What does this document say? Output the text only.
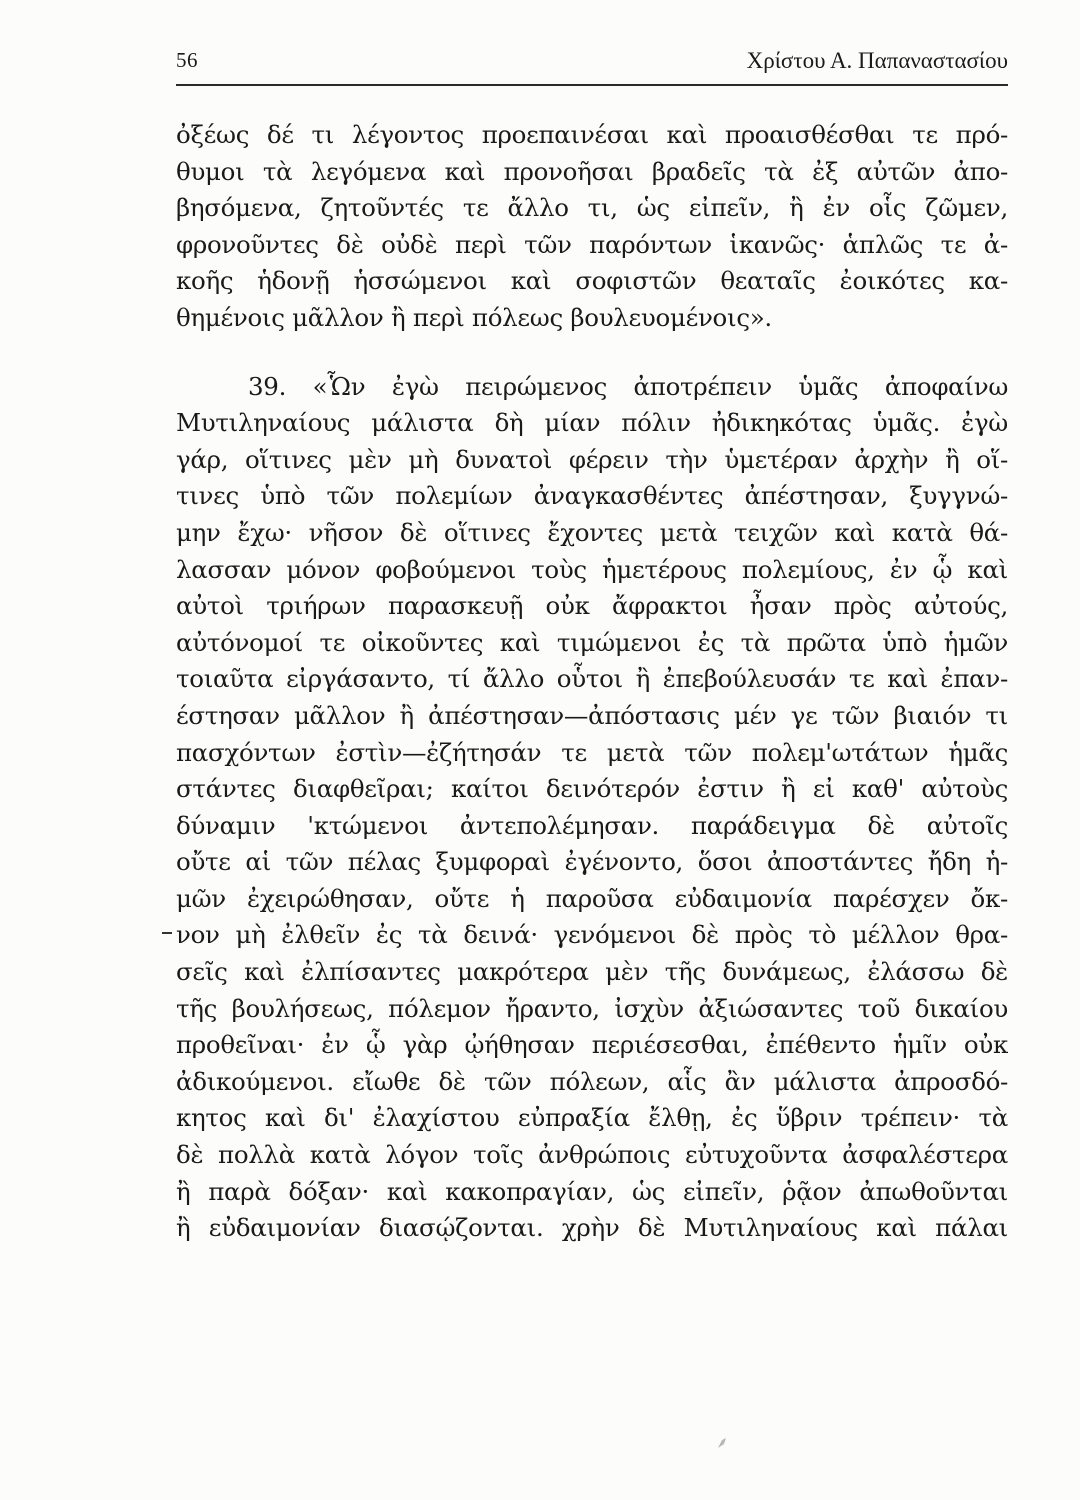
56	Χρίστου Α. Παπαναστασίου
ὀξέως δέ τι λέγοντος προεπαινέσαι καὶ προαισθέσθαι τε πρό-
θυμοι τὰ λεγόμενα καὶ προνοῆσαι βραδεῖς τὰ ἐξ αὐτῶν ἀπο-
βησόμενα, ζητοῦντές τε ἄλλο τι, ὡς εἰπεῖν, ἢ ἐν οἷς ζῶμεν,
φρονοῦντες δὲ οὐδὲ περὶ τῶν παρόντων ἱκανῶς· ἁπλῶς τε ἀ-
κοῆς ἡδονῇ ἡσσώμενοι καὶ σοφιστῶν θεαταῖς ἐοικότες κα-
θημένοις μᾶλλον ἢ περὶ πόλεως βουλευομένοις».
39. «Ὧν ἐγὼ πειρώμενος ἀποτρέπειν ὑμᾶς ἀποφαίνω
Μυτιληναίους μάλιστα δὴ μίαν πόλιν ἠδικηκότας ὑμᾶς. ἐγὼ
γάρ, οἵτινες μὲν μὴ δυνατοὶ φέρειν τὴν ὑμετέραν ἀρχὴν ἢ οἵ-
τινες ὑπὸ τῶν πολεμίων ἀναγκασθέντες ἀπέστησαν, ξυγγνώ-
μην ἔχω· νῆσον δὲ οἵτινες ἔχοντες μετὰ τειχῶν καὶ κατὰ θά-
λασσαν μόνον φοβούμενοι τοὺς ἡμετέρους πολεμίους, ἐν ᾧ καὶ
αὐτοὶ τριήρων παρασκευῇ οὐκ ἄφρακτοι ἦσαν πρὸς αὐτούς,
αὐτόνομοί τε οἰκοῦντες καὶ τιμώμενοι ἐς τὰ πρῶτα ὑπὸ ἡμῶν
τοιαῦτα εἰργάσαντο, τί ἄλλο οὗτοι ἢ ἐπεβούλευσάν τε καὶ ἐπαν-
έστησαν μᾶλλον ἢ ἀπέστησαν—ἀπόστασις μέν γε τῶν βιαιόν τι
πασχόντων ἐστὶν—ἐζήτησάν τε μετὰ τῶν πολεμ'ωτάτων ἡμᾶς
στάντες διαφθεῖραι; καίτοι δεινότερόν ἐστιν ἢ εἰ καθ' αὐτοὺς
δύναμιν 'κτώμενοι ἀντεπολέμησαν. παράδειγμα δὲ αὐτοῖς
οὔτε αἱ τῶν πέλας ξυμφοραὶ ἐγένοντο, ὅσοι ἀποστάντες ἤδη ἡ-
μῶν ἐχειρώθησαν, οὔτε ἡ παροῦσα εὐδαιμονία παρέσχεν ὄκ-
νον μὴ ἐλθεῖν ἐς τὰ δεινά· γενόμενοι δὲ πρὸς τὸ μέλλον θρα-
σεῖς καὶ ἐλπίσαντες μακρότερα μὲν τῆς δυνάμεως, ἐλάσσω δὲ
τῆς βουλήσεως, πόλεμον ἤραντο, ἰσχὺν ἀξιώσαντες τοῦ δικαίου
προθεῖναι· ἐν ᾧ γὰρ ᾠήθησαν περιέσεσθαι, ἐπέθεντο ἡμῖν οὐκ
ἀδικούμενοι. εἴωθε δὲ τῶν πόλεων, αἷς ἂν μάλιστα ἀπροσδό-
κητος καὶ δι' ἐλαχίστου εὐπραξία ἔλθῃ, ἐς ὕβριν τρέπειν· τὰ
δὲ πολλὰ κατὰ λόγον τοῖς ἀνθρώποις εὐτυχοῦντα ἀσφαλέστερα
ἢ παρὰ δόξαν· καὶ κακοπραγίαν, ὡς εἰπεῖν, ῥᾷον ἀπωθοῦνται
ἢ εὐδαιμονίαν διασῴζονται. χρὴν δὲ Μυτιληναίους καὶ πάλαι
